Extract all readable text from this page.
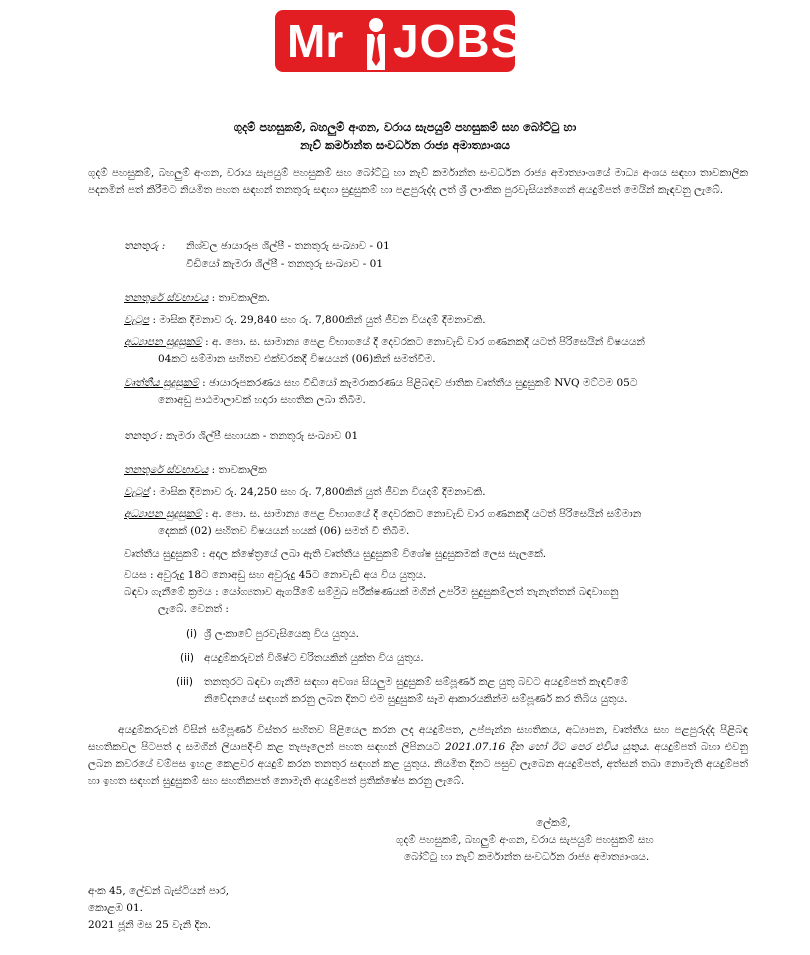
Mr JOBS
ගුදම් පහසුකම්, බහලුම් අංගන, වරාය සැපයුම් පහසුකම් සහ බෝට්ටු හා
නැව් කර්මාන්ත සංවර්ධන රාජ්‍ය අමාත්‍යාංශය
ගුදම් පහසුකම්, බහලුම් අංගන, වරාය සැපයුම් පහසුකම් සහ බෝට්ටු හා නැව් කර්මාන්ත සංවර්ධන රාජ්‍ය අමාත්‍යාංශයේ මාධ්‍ය අංශය සඳහා තාවකාලික පදනමින් පත් කිරීමට නියමිත පහත සඳහන් තනතුරු සඳහා සුදුසුකම් හා පළපුරුද්ද ලත් ශ්‍රී ලාංකික පුරවැසියන්ගෙන් අයදුම්පත් මෙයින් කැඳවනු ලැබේ.
තනතුරු : නිශ්චල ඡායාරූප ශිල්පී - තනතුරු සංඛ්‍යාව - 01
වීඩියෝ කැමරා ශිල්පී - තනතුරු සංඛ්‍යාව - 01
තනතුරේ ස්වභාවය : තාවකාලික.
වැටුප : මාසික දීමනාව රු. 29,840 සහ රු. 7,800කින් යුත් ජීවන වියදම් දීමනාවකි.
අධ්‍යාපන සුදුසුකම් : අ. පො. ස. සාමාන්‍ය පෙළ විභාගයේ දී දෙවරකට නොවැඩි වාර ගණනකදී යටත් පිරිසෙයින් විෂයයන්
04කට සම්මාන සහිතව එක්වරකදී විෂයයන් (06)කින් සමත්වීම.
වෘත්තීය සුදුසුකම් : ඡායාරූපකරණය සහ වීඩියෝ කැමරාකරණය පිළිබඳව ජාතික වෘත්තීය සුදුසුකම් NVQ මට්ටම 05ට
නොඅඩු පාඨමාලාවක් හදාරා සහතික ලබා තිබීම.
තනතුර : කැමරා ශිල්පී සහායක - තනතුරු සංඛ්‍යාව 01
තනතුරේ ස්වභාවය : තාවකාලික
වැටුප් : මාසික දීමනාව රු. 24,250 සහ රු. 7,800කින් යුත් ජීවන වියදම් දීමනාවකි.
අධ්‍යාපන සුදුසුකම් : අ. පො. ස. සාමාන්‍ය පෙළ විභාගයේ දී දෙවරකට නොවැඩි වාර ගණනකදී යටත් පිරිසෙයින් සම්මාන
දෙකක් (02) සහිතව විෂයයන් හයක් (06) සමත් වී තිබීම.
වෘත්තීය සුදුසුකම් : අදාල ක්ෂේත්‍රයේ ලබා ඇති වෘත්තීය සුදුසුකම් විශේෂ සුදුසුකමක් ලෙස සැලකේ.
වයස : අවුරුදු 18ට නොඅඩු සහ අවුරුදු 45ට නොවැඩි අය විය යුතුය.
බඳවා ගැනීමේ ක්‍රමය : යෝග්‍යතාව ඇගයීමේ සම්මුඛ පරීක්ෂණයක් මගින් උපරිම සුදුසුකම්ලත් තැනැත්තන් බඳවාගනු
ලැබේ. වෙනත් :
(i) ශ්‍රී ලංකාවේ පුරවැසියෙකු විය යුතුය.
(ii) අයදුම්කරුවන් විශිෂ්ට චරිතයකින් යුක්ත විය යුතුය.
(iii) තනතුරට බඳවා ගැනීම සඳහා අවශ්‍ය සියලුම සුදුසුකම් සම්පූර්ණ කළ යුතු බවට අයදුම්පත් කැඳවීමේ
නිවේදනයේ සඳහන් කරනු ලබන දිනට එම සුදුසුකම් සෑම ආකාරයකින්ම සම්පූර්ණ කර තිබිය යුතුය.
අයදුම්කරුවන් විසින් සම්පූර්ණ විස්තර සහිතව පිළියෙල කරන ලද අයදුම්පත, උප්පැන්න සහතිකය, අධ්‍යාපන, වෘත්තීය සහ පළපුරුද්ද පිළිබඳ සහතිකවල පිටපත් ද සමගින් ලියාපදිංචි කළ තැපෑලෙන් පහත සඳහන් ලිපිනයට 2021.07.16 දින හෝ ඊට පෙර එවිය යුතුය. අයදුම්පත් බහා එවනු ලබන කවරයේ වම්පස ඉහළ කෙළවර අයදුම් කරන තනතුර සඳහන් කළ යුතුය. නියමිත දිනට පසුව ලැබෙන අයදුම්පත්, අත්සන් තබා නොමැති අයදුම්පත් හා ඉහත සඳහන් සුදුසුකම් සහ සහතිකපත් නොමැති අයදුම්පත් ප්‍රතික්ෂේප කරනු ලැබේ.
ලේකම්,
ගුදම් පහසුකම්, බහලුම් අංගන, වරාය සැපයුම් පහසුකම් සහ
බෝට්ටු හා නැව් කර්මාන්ත සංවර්ධන රාජ්‍ය අමාත්‍යාංශය.
අංක 45, ලේඩන් බැස්ටියන් පාර,
කොළඹ 01.
2021 ජූනි මස 25 වැනි දින.
